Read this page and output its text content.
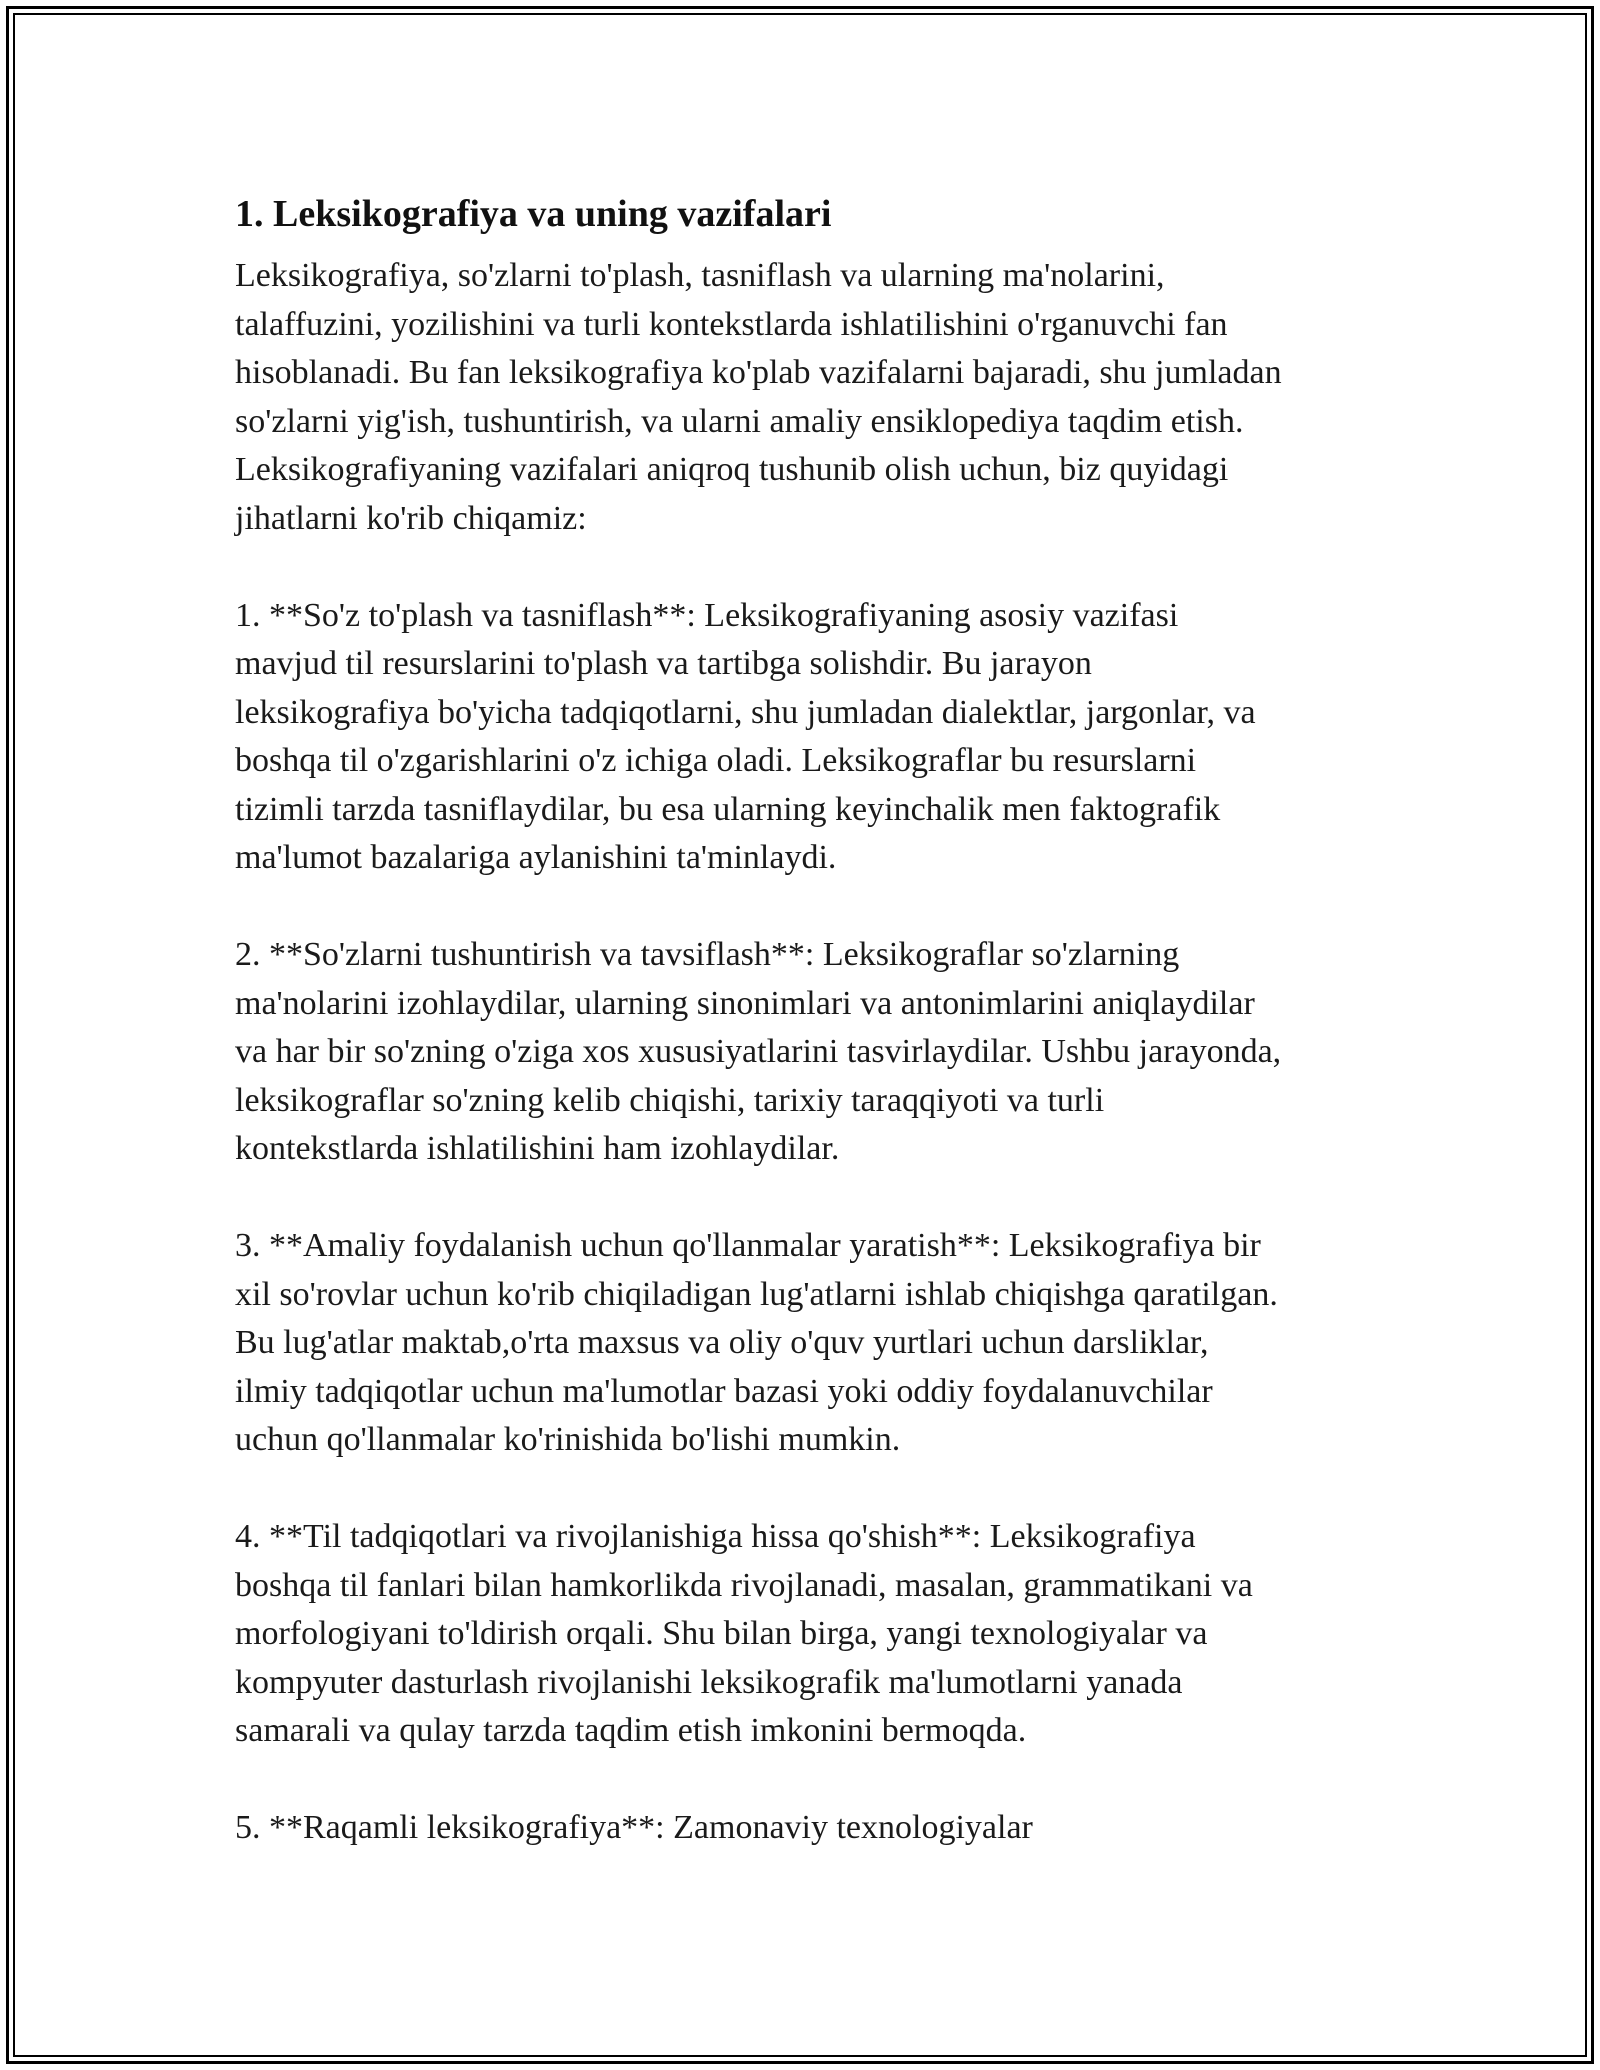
1. Leksikografiya va uning vazifalari

Leksikografiya, so'zlarni to'plash, tasniflash va ularning ma'nolarini,
talaffuzini, yozilishini va turli kontekstlarda ishlatilishini o'rganuvchi fan
hisoblanadi. Bu fan leksikografiya ko'plab vazifalarni bajaradi, shu jumladan
so'zlarni yig'ish, tushuntirish, va ularni amaliy ensiklopediya taqdim etish.
Leksikografiyaning vazifalari aniqroq tushunib olish uchun, biz quyidagi
jihatlarni ko'rib chiqamiz:

1. **So'z to'plash va tasniflash**: Leksikografiyaning asosiy vazifasi
mavjud til resurslarini to'plash va tartibga solishdir. Bu jarayon
leksikografiya bo'yicha tadqiqotlarni, shu jumladan dialektlar, jargonlar, va
boshqa til o'zgarishlarini o'z ichiga oladi. Leksikograflar bu resurslarni
tizimli tarzda tasniflaydilar, bu esa ularning keyinchalik men faktografik
ma'lumot bazalariga aylanishini ta'minlaydi.

2. **So'zlarni tushuntirish va tavsiflash**: Leksikograflar so'zlarning
ma'nolarini izohlaydilar, ularning sinonimlari va antonimlarini aniqlaydilar
va har bir so'zning o'ziga xos xususiyatlarini tasvirlaydilar. Ushbu jarayonda,
leksikograflar so'zning kelib chiqishi, tarixiy taraqqiyoti va turli
kontekstlarda ishlatilishini ham izohlaydilar.

3. **Amaliy foydalanish uchun qo'llanmalar yaratish**: Leksikografiya bir
xil so'rovlar uchun ko'rib chiqiladigan lug'atlarni ishlab chiqishga qaratilgan.
Bu lug'atlar maktab,o'rta maxsus va oliy o'quv yurtlari uchun darsliklar,
ilmiy tadqiqotlar uchun ma'lumotlar bazasi yoki oddiy foydalanuvchilar
uchun qo'llanmalar ko'rinishida bo'lishi mumkin.

4. **Til tadqiqotlari va rivojlanishiga hissa qo'shish**: Leksikografiya
boshqa til fanlari bilan hamkorlikda rivojlanadi, masalan, grammatikani va
morfologiyani to'ldirish orqali. Shu bilan birga, yangi texnologiyalar va
kompyuter dasturlash rivojlanishi leksikografik ma'lumotlarni yanada
samarali va qulay tarzda taqdim etish imkonini bermoqda.

5. **Raqamli leksikografiya**: Zamonaviy texnologiyalar
